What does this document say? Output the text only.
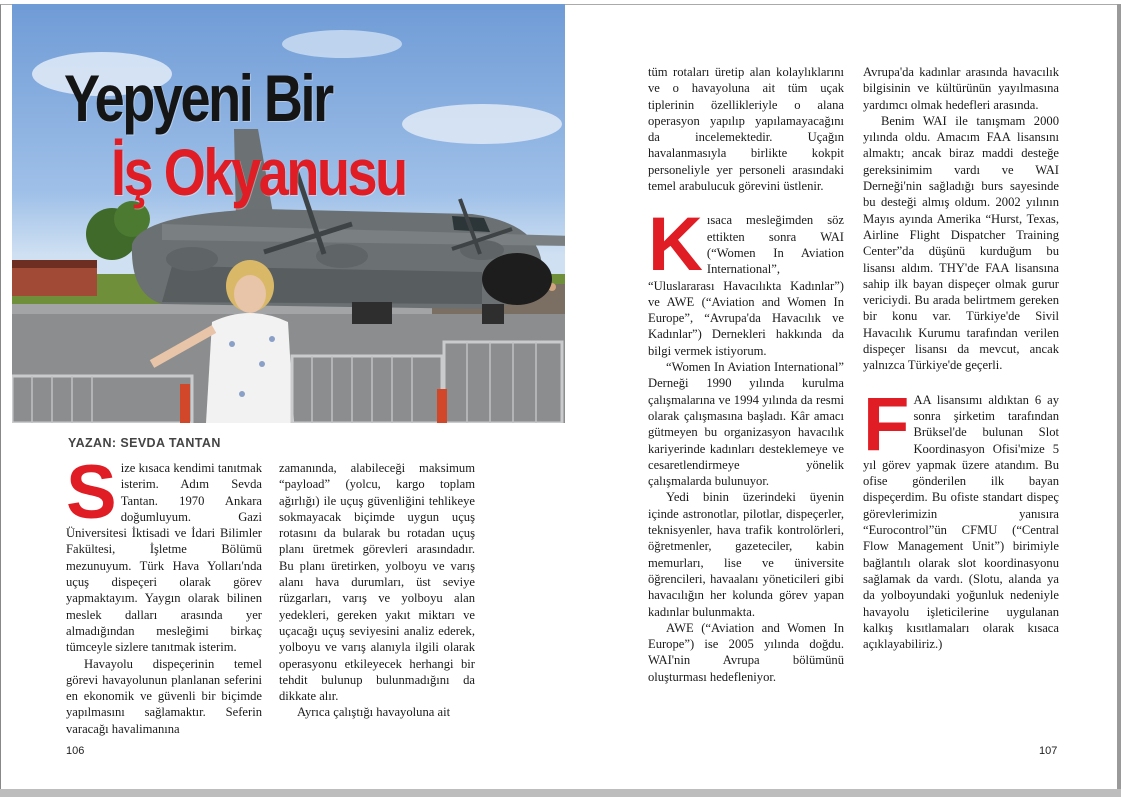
Yepyeni Bir
İş Okyanusu
YAZAN: SEVDA TANTAN
S ize kısaca kendimi tanıtmak isterim. Adım Sevda Tantan. 1970 Ankara doğumluyum. Gazi Üniversitesi İktisadi ve İdari Bilimler Fakültesi, İşletme Bölümü mezunuyum. Türk Hava Yolları'nda uçuş dispeçeri olarak görev yapmaktayım. Yaygın olarak bilinen meslek dalları arasında yer almadığından mesleğimi birkaç tümceyle sizlere tanıtmak isterim.

Havayolu dispeçerinin temel görevi havayolunun planlanan seferini en ekonomik ve güvenli bir biçimde yapılmasını sağlamaktır. Seferin varacağı havalimanına

zamanında, alabileceği maksimum “payload” (yolcu, kargo toplam ağırlığı) ile uçuş güvenliğini tehlikeye sokmayacak biçimde uygun uçuş rotasını da bularak bu rotadan uçuş planı üretmek görevleri arasındadır. Bu planı üretirken, yolboyu ve varış alanı hava durumları, üst seviye rüzgarları, varış ve yolboyu alan yedekleri, gereken yakıt miktarı ve uçacağı uçuş seviyesini analiz ederek, yolboyu ve varış alanıyla ilgili olarak operasyonu etkileyecek herhangi bir tehdit bulunup bulunmadığını da dikkate alır.

Ayrıca çalıştığı havayoluna ait

tüm rotaları üretip alan kolaylıklarını ve o havayoluna ait tüm uçak tiplerinin özellikleriyle o alana operasyon yapılıp yapılamayacağını da incelemektedir. Uçağın havalanmasıyla birlikte kokpit personeliyle yer personeli arasındaki temel arabulucuk görevini üstlenir.

K ısaca mesleğimden söz ettikten sonra WAI (“Women In Aviation International”, “Uluslararası Havacılıkta Kadınlar”) ve AWE (“Aviation and Women In Europe”, “Avrupa'da Havacılık ve Kadınlar”) Dernekleri hakkında da bilgi vermek istiyorum.

“Women In Aviation International” Derneği 1990 yılında kurulma çalışmalarına ve 1994 yılında da resmi olarak çalışmasına başladı. Kâr amacı gütmeyen bu organizasyon havacılık kariyerinde kadınları desteklemeye ve cesaretlendirmeye yönelik çalışmalarda bulunuyor.

Yedi binin üzerindeki üyenin içinde astronotlar, pilotlar, dispeçerler, teknisyenler, hava trafik kontrolörleri, öğretmenler, gazeteciler, kabin memurları, lise ve üniversite öğrencileri, havaalanı yöneticileri gibi havacılığın her kolunda görev yapan kadınlar bulunmakta.

AWE (“Aviation and Women In Europe”) ise 2005 yılında doğdu. WAI'nin Avrupa bölümünü oluşturması hedefleniyor.

Avrupa'da kadınlar arasında havacılık bilgisinin ve kültürünün yayılmasına yardımcı olmak hedefleri arasında.

Benim WAI ile tanışmam 2000 yılında oldu. Amacım FAA lisansını almaktı; ancak biraz maddi desteğe gereksinimim vardı ve WAI Derneği'nin sağladığı burs sayesinde bu desteği almış oldum. 2002 yılının Mayıs ayında Amerika “Hurst, Texas, Airline Flight Dispatcher Training Center”da düşünü kurduğum bu lisansı aldım. THY'de FAA lisansına sahip ilk bayan dispeçer olmak gurur vericiydi. Bu arada belirtmem gereken bir konu var. Türkiye'de Sivil Havacılık Kurumu tarafından verilen dispeçer lisansı da mevcut, ancak yalnızca Türkiye'de geçerli.

F AA lisansımı aldıktan 6 ay sonra şirketim tarafından Brüksel'de bulunan Slot Koordinasyon Ofisi'mize 5 yıl görev yapmak üzere atandım. Bu ofise gönderilen ilk bayan dispeçerdim. Bu ofiste standart dispeç görevlerimizin yanısıra “Eurocontrol”ün CFMU (“Central Flow Management Unit”) birimiyle bağlantılı olarak slot koordinasyonu sağlamak da vardı. (Slotu, alanda ya da yolboyundaki yoğunluk nedeniyle havayolu işleticilerine uygulanan kalkış kısıtlamaları olarak kısaca açıklayabiliriz.)

106	107
